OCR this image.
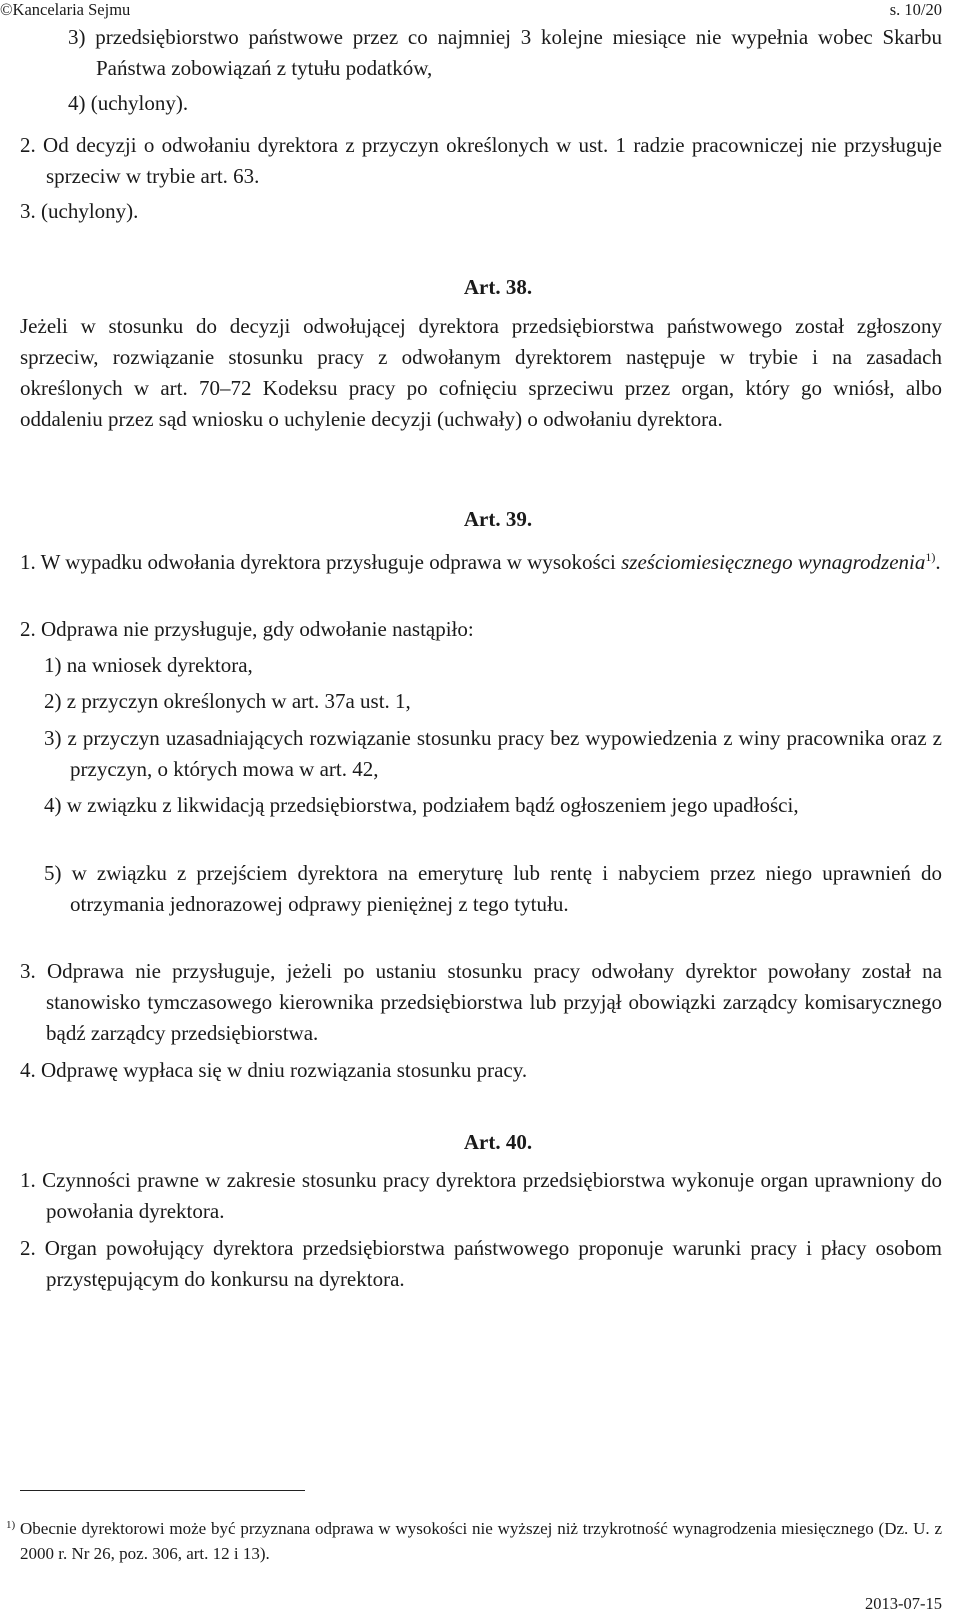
©Kancelaria Sejmu	s. 10/20

3) przedsiębiorstwo państwowe przez co najmniej 3 kolejne miesiące nie wypełnia wobec Skarbu Państwa zobowiązań z tytułu podatków,

4) (uchylony).

2. Od decyzji o odwołaniu dyrektora z przyczyn określonych w ust. 1 radzie pracowniczej nie przysługuje sprzeciw w trybie art. 63.

3. (uchylony).

Art. 38.

Jeżeli w stosunku do decyzji odwołującej dyrektora przedsiębiorstwa państwowego został zgłoszony sprzeciw, rozwiązanie stosunku pracy z odwołanym dyrektorem następuje w trybie i na zasadach określonych w art. 70–72 Kodeksu pracy po cofnięciu sprzeciwu przez organ, który go wniósł, albo oddaleniu przez sąd wniosku o uchylenie decyzji (uchwały) o odwołaniu dyrektora.

Art. 39.

1. W wypadku odwołania dyrektora przysługuje odprawa w wysokości sześciomiesięcznego wynagrodzenia$^{1)}$.

2. Odprawa nie przysługuje, gdy odwołanie nastąpiło:

1) na wniosek dyrektora,

2) z przyczyn określonych w art. 37a ust. 1,

3) z przyczyn uzasadniających rozwiązanie stosunku pracy bez wypowiedzenia z winy pracownika oraz z przyczyn, o których mowa w art. 42,

4) w związku z likwidacją przedsiębiorstwa, podziałem bądź ogłoszeniem jego upadłości,

5) w związku z przejściem dyrektora na emeryturę lub rentę i nabyciem przez niego uprawnień do otrzymania jednorazowej odprawy pieniężnej z tego tytułu.

3. Odprawa nie przysługuje, jeżeli po ustaniu stosunku pracy odwołany dyrektor powołany został na stanowisko tymczasowego kierownika przedsiębiorstwa lub przyjął obowiązki zarządcy komisarycznego bądź zarządcy przedsiębiorstwa.

4. Odprawę wypłaca się w dniu rozwiązania stosunku pracy.

Art. 40.

1. Czynności prawne w zakresie stosunku pracy dyrektora przedsiębiorstwa wykonuje organ uprawniony do powołania dyrektora.

2. Organ powołujący dyrektora przedsiębiorstwa państwowego proponuje warunki pracy i płacy osobom przystępującym do konkursu na dyrektora.

1) Obecnie dyrektorowi może być przyznana odprawa w wysokości nie wyższej niż trzykrotność wynagrodzenia miesięcznego (Dz. U. z 2000 r. Nr 26, poz. 306, art. 12 i 13).
2013-07-15
